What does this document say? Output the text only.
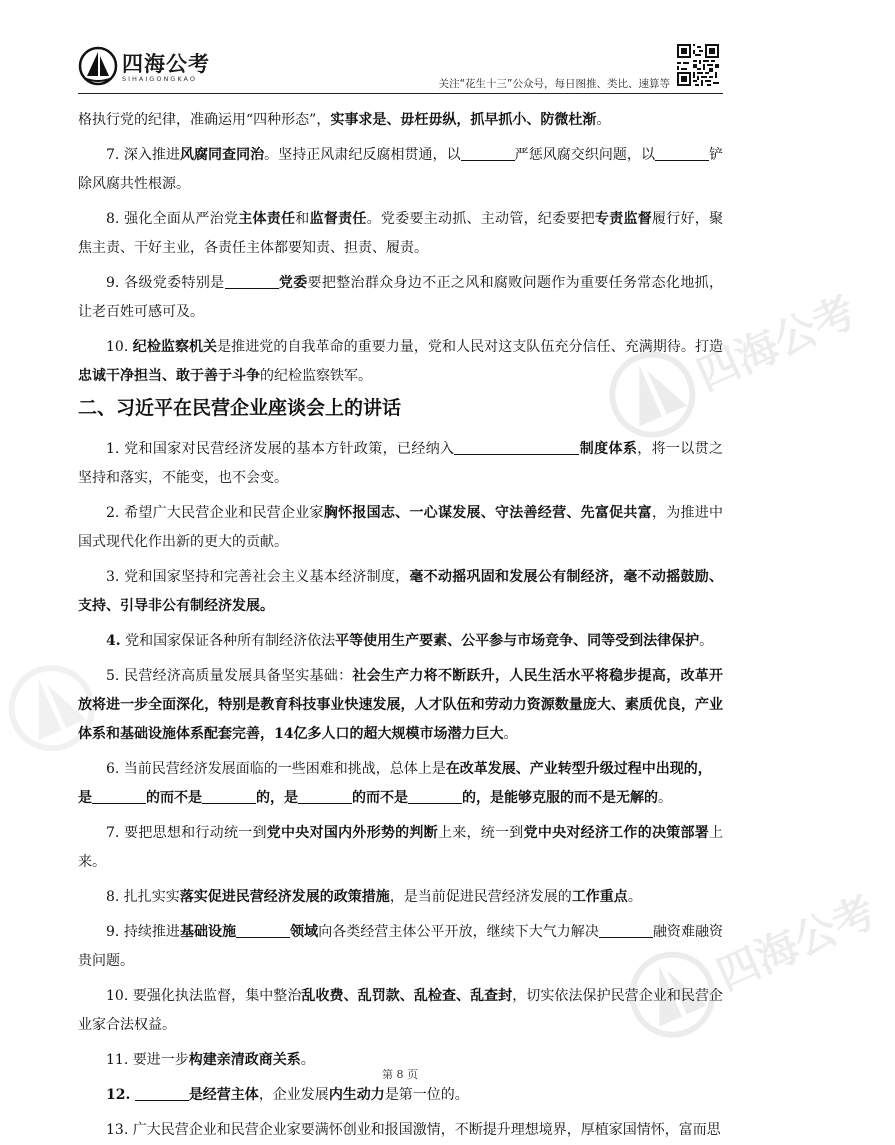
四海公考
SIHAIGONGKAO	关注“花生十三”公众号，每日图推、类比、速算等
四海公考
四海公考

格执行党的纪律，准确运用“四种形态”，实事求是、毋枉毋纵，抓早抓小、防微杜渐。

7. 深入推进风腐同查同治。坚持正风肃纪反腐相贯通，以	严惩风腐交织问题，以	铲除风腐共性根源。

8. 强化全面从严治党主体责任和监督责任。党委要主动抓、主动管，纪委要把专责监督履行好，聚焦主责、干好主业，各责任主体都要知责、担责、履责。

9. 各级党委特别是	党委要把整治群众身边不正之风和腐败问题作为重要任务常态化地抓，让老百姓可感可及。

10. 纪检监察机关是推进党的自我革命的重要力量，党和人民对这支队伍充分信任、充满期待。打造忠诚干净担当、敢于善于斗争的纪检监察铁军。

二、习近平在民营企业座谈会上的讲话

1. 党和国家对民营经济发展的基本方针政策，已经纳入	制度体系，将一以贯之坚持和落实，不能变，也不会变。

2. 希望广大民营企业和民营企业家胸怀报国志、一心谋发展、守法善经营、先富促共富，为推进中国式现代化作出新的更大的贡献。

3. 党和国家坚持和完善社会主义基本经济制度，毫不动摇巩固和发展公有制经济，毫不动摇鼓励、支持、引导非公有制经济发展。

4. 党和国家保证各种所有制经济依法平等使用生产要素、公平参与市场竞争、同等受到法律保护。

5. 民营经济高质量发展具备坚实基础：社会生产力将不断跃升，人民生活水平将稳步提高，改革开放将进一步全面深化，特别是教育科技事业快速发展，人才队伍和劳动力资源数量庞大、素质优良，产业体系和基础设施体系配套完善，14亿多人口的超大规模市场潜力巨大。

6. 当前民营经济发展面临的一些困难和挑战，总体上是在改革发展、产业转型升级过程中出现的，
是	的而不是	的，是	的而不是	的，是能够克服的而不是无解的。

7. 要把思想和行动统一到党中央对国内外形势的判断上来，统一到党中央对经济工作的决策部署上来。

8. 扎扎实实落实促进民营经济发展的政策措施，是当前促进民营经济发展的工作重点。

9. 持续推进基础设施	领域向各类经营主体公平开放，继续下大气力解决	融资难融资贵问题。

10. 要强化执法监督，集中整治乱收费、乱罚款、乱检查、乱查封，切实依法保护民营企业和民营企业家合法权益。

11. 要进一步构建亲清政商关系。

12.	是经营主体，企业发展内生动力是第一位的。

13. 广大民营企业和民营企业家要满怀创业和报国激情，不断提升理想境界，厚植家国情怀，富而思

第 8 页
